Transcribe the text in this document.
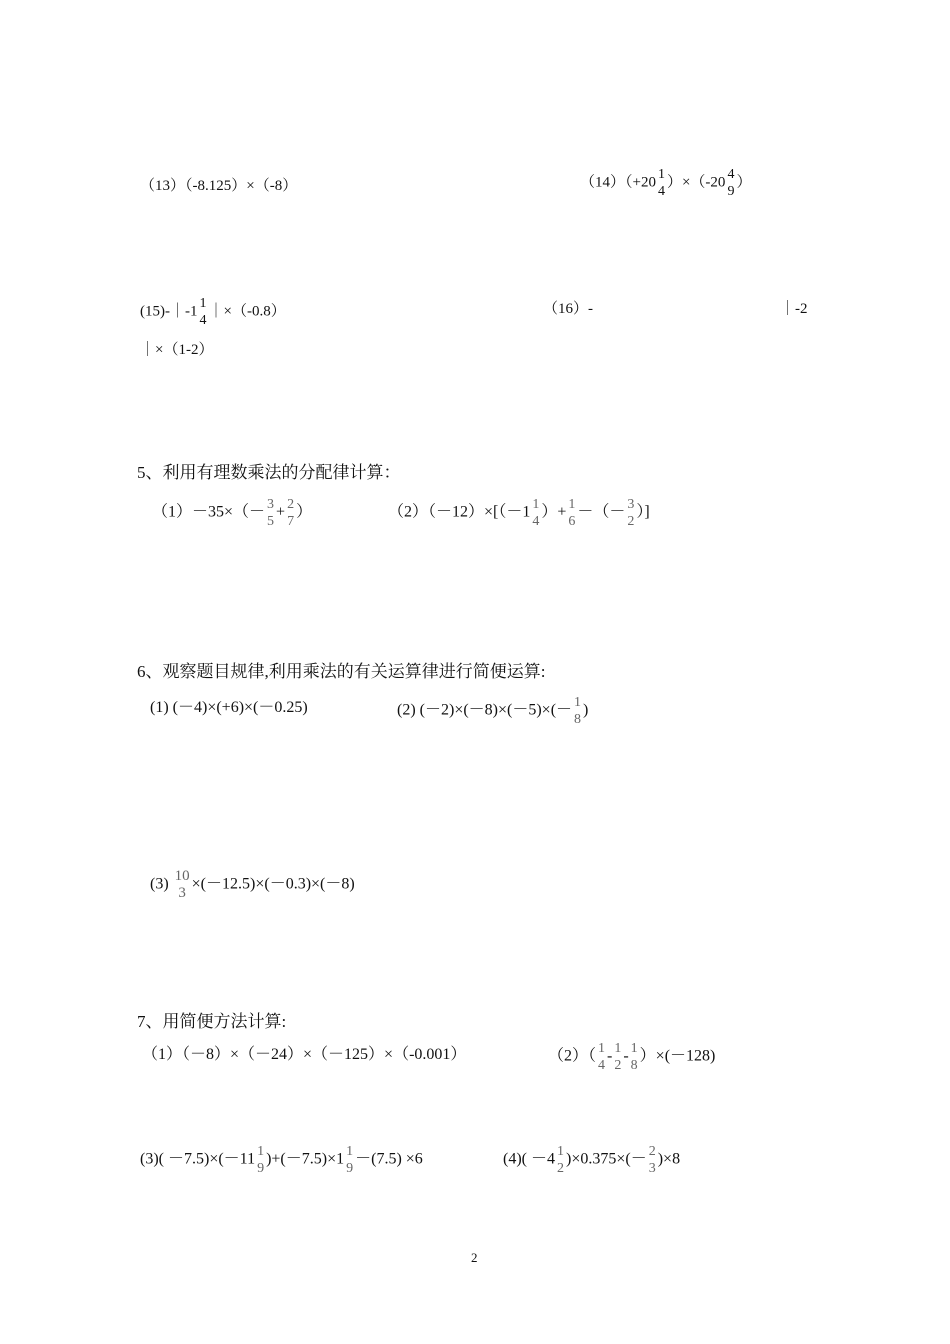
（13）（-8.125）×（-8）	（14）（+20 1
4
）×（-20 4
9
）
(15)-｜-1 1
4
｜×（-0.8）	（16）-	｜-2
｜×（1-2）
5、利用有理数乘法的分配律计算：
（1）－35×（－ 3
5
+ 2
7
）	（2）（－12）×[（－1 1
4
）+ 1
6
－（－ 3
2
）]
6、观察题目规律,利用乘法的有关运算律进行简便运算:
(1) (－4)×(+6)×(－0.25)	(2) (－2)×(－8)×(－5)×(－ 1
8
)
(3) 10
3
×(－12.5)×(－0.3)×(－8)
7、用简便方法计算:
（1）（－8）×（－24）×（－125）×（-0.001）	（2）（ 1
4
- 1
2
- 1
8
）×(－128)
(3)( －7.5)×(－11 1
9
)+(－7.5)×1 1
9
－(7.5) ×6	(4)( －4 1
2
)×0.375×(－ 2
3
)×8
2
